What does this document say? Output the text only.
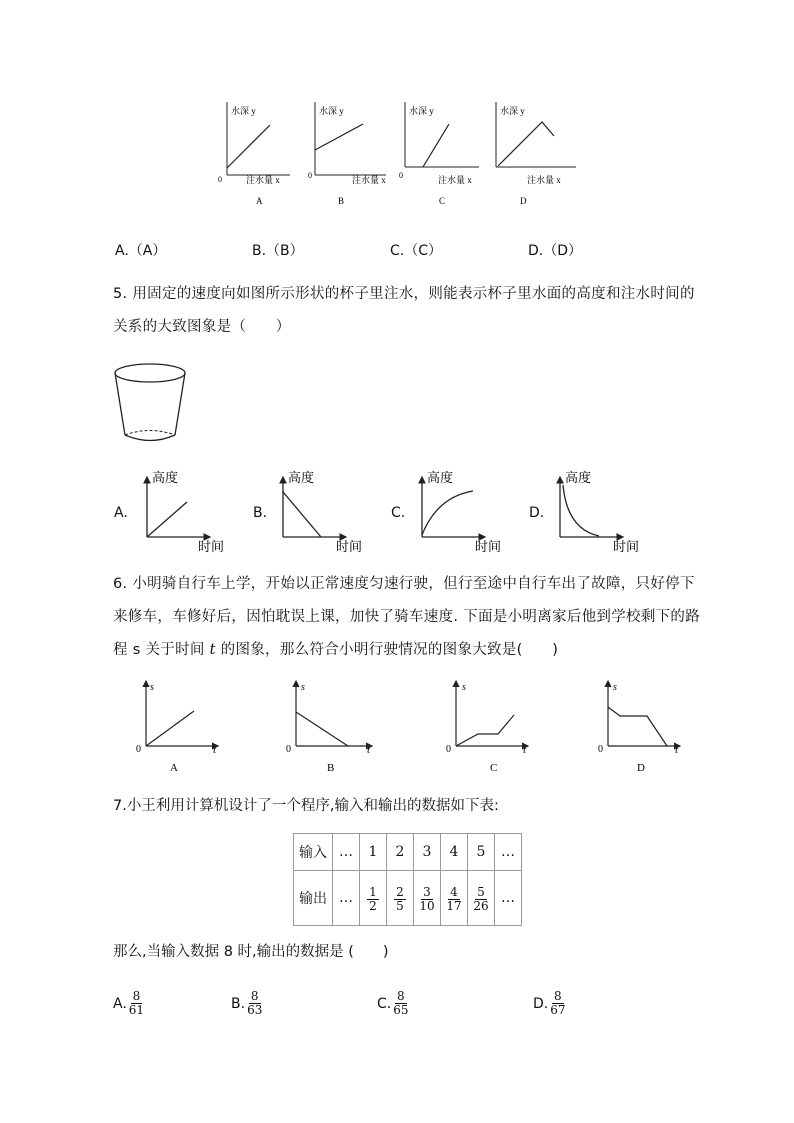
水深 y
注水量 x
0
A
水深 y
注水量 x
0
B
水深 y
注水量 x
0
C
水深 y
注水量 x
D
A.（A）	B.（B）	C.（C）	D.（D）
5. 用固定的速度向如图所示形状的杯子里注水，则能表示杯子里水面的高度和注水时间的关系的大致图象是（　　）
A.
高度
时间
B.
高度
时间
C.
高度
时间
D.
高度
时间
6. 小明骑自行车上学，开始以正常速度匀速行驶，但行至途中自行车出了故障，只好停下来修车，车修好后，因怕耽误上课，加快了骑车速度. 下面是小明离家后他到学校剩下的路程 s 关于时间 t 的图象，那么符合小明行驶情况的图象大致是(　　)
s
t
0
A
s
t
0
B
s
t
0
C
s
t
0
D
7.小王利用计算机设计了一个程序,输入和输出的数据如下表:
输入	…	1	2	3	4	5	…
输出	…	$\frac{1}{2}$	$\frac{2}{5}$	$\frac{3}{10}$	$\frac{4}{17}$	$\frac{5}{26}$	…
那么,当输入数据 8 时,输出的数据是 (　　)
A. $\frac{8}{61}$	B. $\frac{8}{63}$	C. $\frac{8}{65}$	D. $\frac{8}{67}$
